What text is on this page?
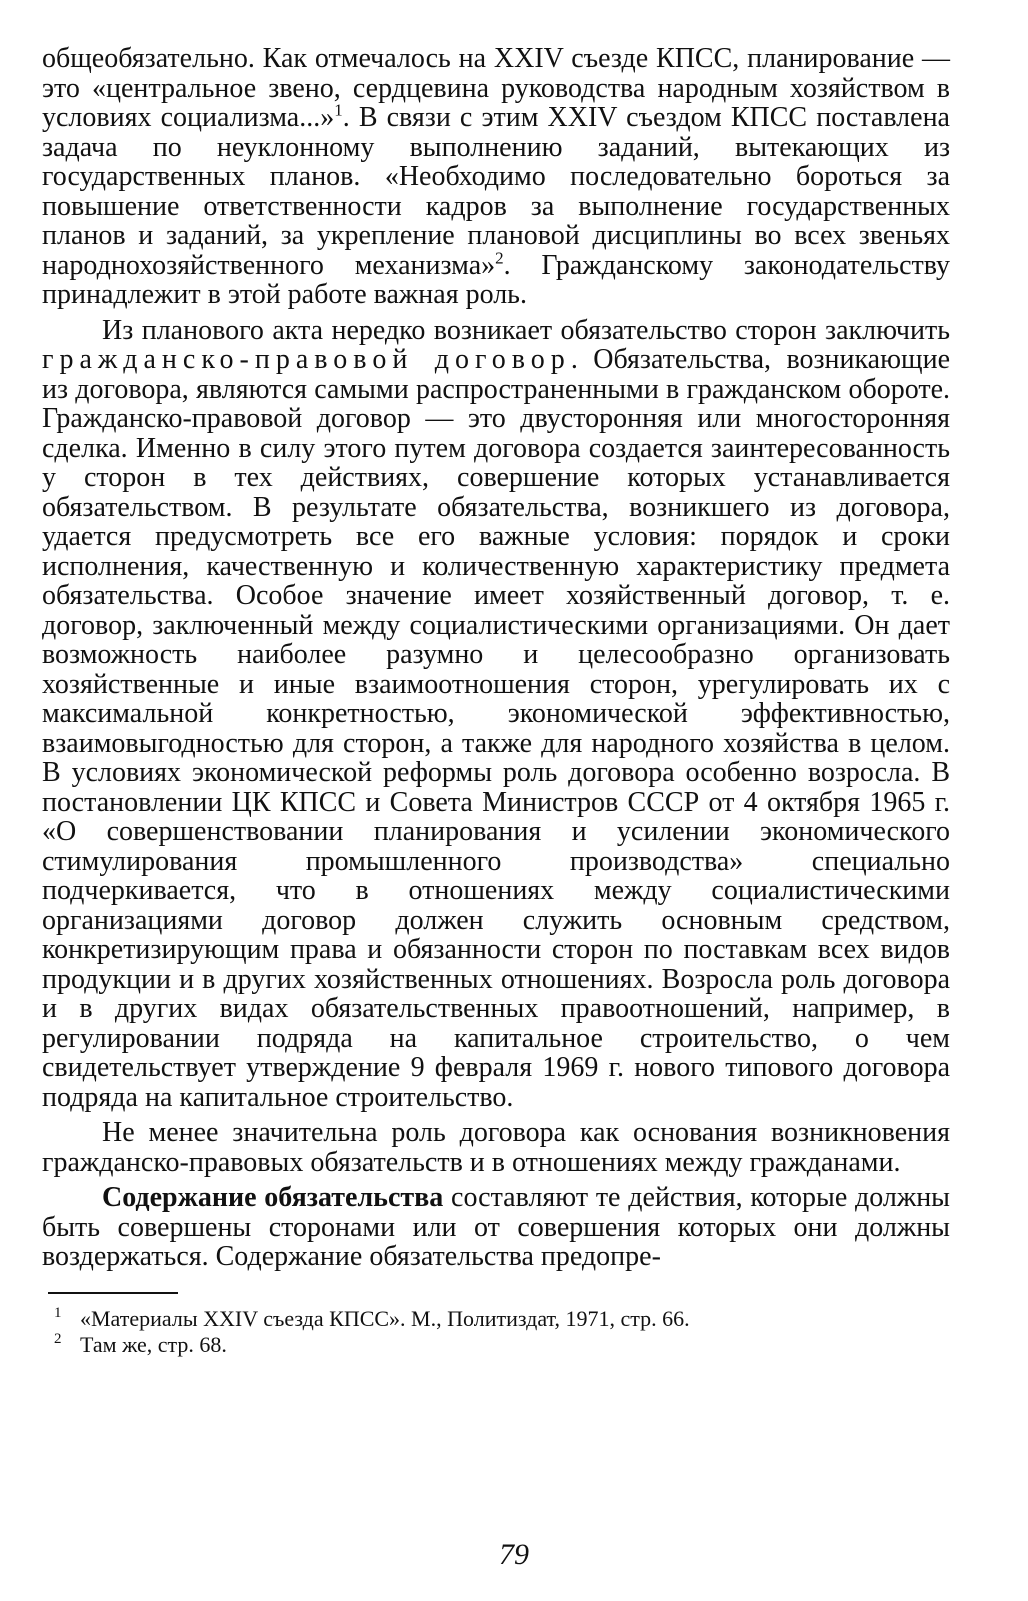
общеобязательно. Как отмечалось на XXIV съезде КПСС, планирование — это «центральное звено, сердцевина руководства народным хозяйством в условиях социализма...»$^1$. В связи с этим XXIV съездом КПСС поставлена задача по неуклонному выполнению заданий, вытекающих из государственных планов. «Необходимо последовательно бороться за повышение ответственности кадров за выполнение государственных планов и заданий, за укрепление плановой дисциплины во всех звеньях народнохозяйственного механизма»$^2$. Гражданскому законодательству принадлежит в этой работе важная роль.

Из планового акта нередко возникает обязательство сторон заключить гражданско-правовой договор. Обязательства, возникающие из договора, являются самыми распространенными в гражданском обороте. Гражданско-правовой договор — это двусторонняя или многосторонняя сделка. Именно в силу этого путем договора создается заинтересованность у сторон в тех действиях, совершение которых устанавливается обязательством. В результате обязательства, возникшего из договора, удается предусмотреть все его важные условия: порядок и сроки исполнения, качественную и количественную характеристику предмета обязательства. Особое значение имеет хозяйственный договор, т. е. договор, заключенный между социалистическими организациями. Он дает возможность наиболее разумно и целесообразно организовать хозяйственные и иные взаимоотношения сторон, урегулировать их с максимальной конкретностью, экономической эффективностью, взаимовыгодностью для сторон, а также для народного хозяйства в целом. В условиях экономической реформы роль договора особенно возросла. В постановлении ЦК КПСС и Совета Министров СССР от 4 октября 1965 г. «О совершенствовании планирования и усилении экономического стимулирования промышленного производства» специально подчеркивается, что в отношениях между социалистическими организациями договор должен служить основным средством, конкретизирующим права и обязанности сторон по поставкам всех видов продукции и в других хозяйственных отношениях. Возросла роль договора и в других видах обязательственных правоотношений, например, в регулировании подряда на капитальное строительство, о чем свидетельствует утверждение 9 февраля 1969 г. нового типового договора подряда на капитальное строительство.

Не менее значительна роль договора как основания возникновения гражданско-правовых обязательств и в отношениях между гражданами.

Содержание обязательства составляют те действия, которые должны быть совершены сторонами или от совершения которых они должны воздержаться. Содержание обязательства предопре-

1 «Материалы XXIV съезда КПСС». М., Политиздат, 1971, стр. 66.
2 Там же, стр. 68.
79
